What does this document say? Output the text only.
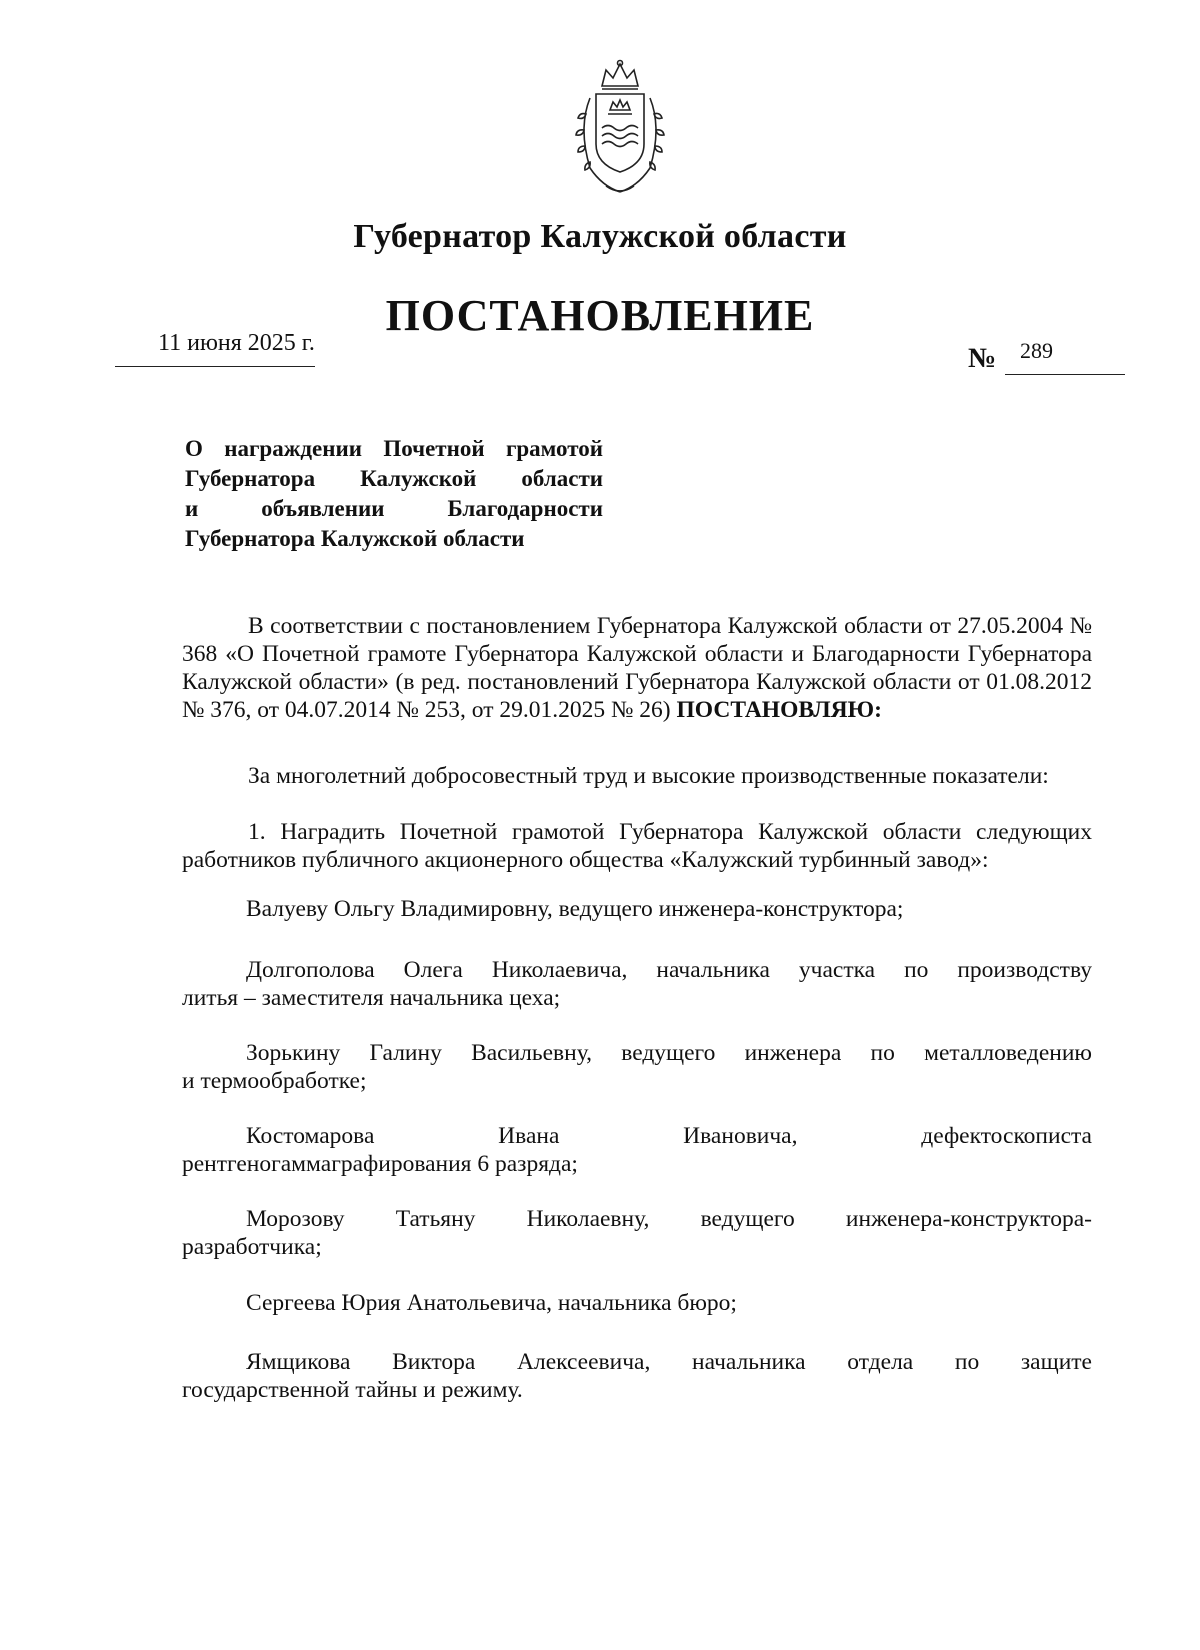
Губернатор Калужской области
ПОСТАНОВЛЕНИЕ
11 июня 2025 г.	№ 289
О награждении Почетной грамотой
Губернатора Калужской области
и объявлении Благодарности
Губернатора Калужской области

В соответствии с постановлением Губернатора Калужской области от 27.05.2004 № 368 «О Почетной грамоте Губернатора Калужской области и Благодарности Губернатора Калужской области» (в ред. постановлений Губернатора Калужской области от 01.08.2012 № 376, от 04.07.2014 № 253, от 29.01.2025 № 26) ПОСТАНОВЛЯЮ:

За многолетний добросовестный труд и высокие производственные показатели:

1. Наградить Почетной грамотой Губернатора Калужской области следующих работников публичного акционерного общества «Калужский турбинный завод»:

Валуеву Ольгу Владимировну, ведущего инженера-конструктора;
Долгополова Олега Николаевича, начальника участка по производству
литья – заместителя начальника цеха;
Зорькину Галину Васильевну, ведущего инженера по металловедению
и термообработке;
Костомарова Ивана Ивановича, дефектоскописта
рентгеногаммаграфирования 6 разряда;
Морозову Татьяну Николаевну, ведущего инженера-конструктора-
разработчика;
Сергеева Юрия Анатольевича, начальника бюро;
Ямщикова Виктора Алексеевича, начальника отдела по защите
государственной тайны и режиму.
